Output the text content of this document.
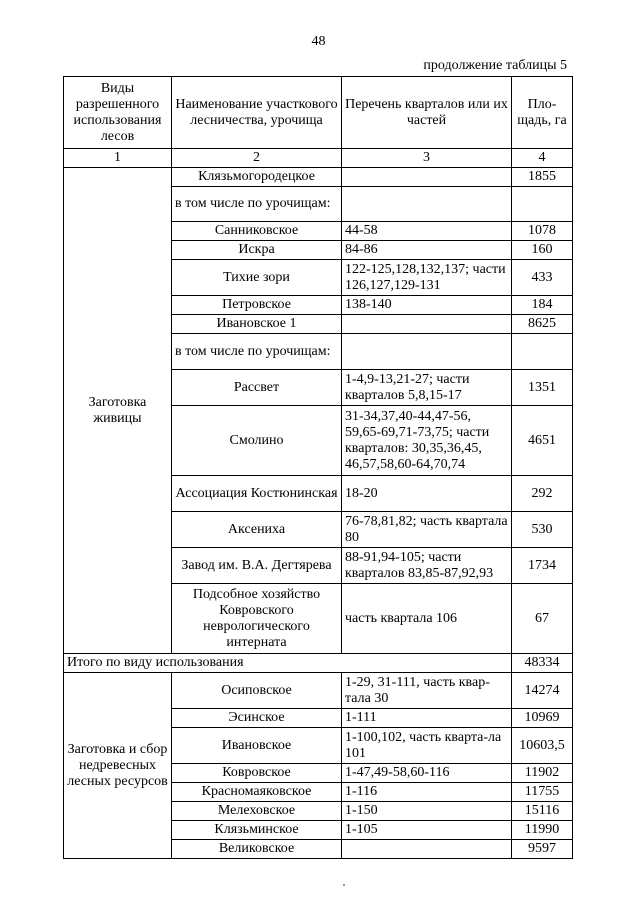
48
продолжение таблицы 5
Виды разрешенного использования лесов	Наименование участкового лесничества, урочища	Перечень кварталов или их частей	Пло-щадь, га
1	2	3	4
Заготовка живицы	Клязьмогородецкое		1855
	в том числе по урочищам:		
	Санниковское	44-58	1078
	Искра	84-86	160
	Тихие зори	122-125,128,132,137; части 126,127,129-131	433
	Петровское	138-140	184
	Ивановское 1		8625
	в том числе по урочищам:		
	Рассвет	1-4,9-13,21-27; части кварталов 5,8,15-17	1351
	Смолино	31-34,37,40-44,47-56, 59,65-69,71-73,75; части кварталов: 30,35,36,45, 46,57,58,60-64,70,74	4651
	Ассоциация Костюнинская	18-20	292
	Аксениха	76-78,81,82; часть квартала 80	530
	Завод им. В.А. Дегтярева	88-91,94-105; части кварталов 83,85-87,92,93	1734
	Подсобное хозяйство Ковровского неврологического интерната	часть квартала 106	67
Итого по виду использования			48334
Заготовка и сбор недревесных лесных ресурсов	Осиповское	1-29, 31-111, часть квар-тала 30	14274
	Эсинское	1-111	10969
	Ивановское	1-100,102, часть кварта-ла 101	10603,5
	Ковровское	1-47,49-58,60-116	11902
	Красномаяковское	1-116	11755
	Мелеховское	1-150	15116
	Клязьминское	1-105	11990
	Великовское		9597
